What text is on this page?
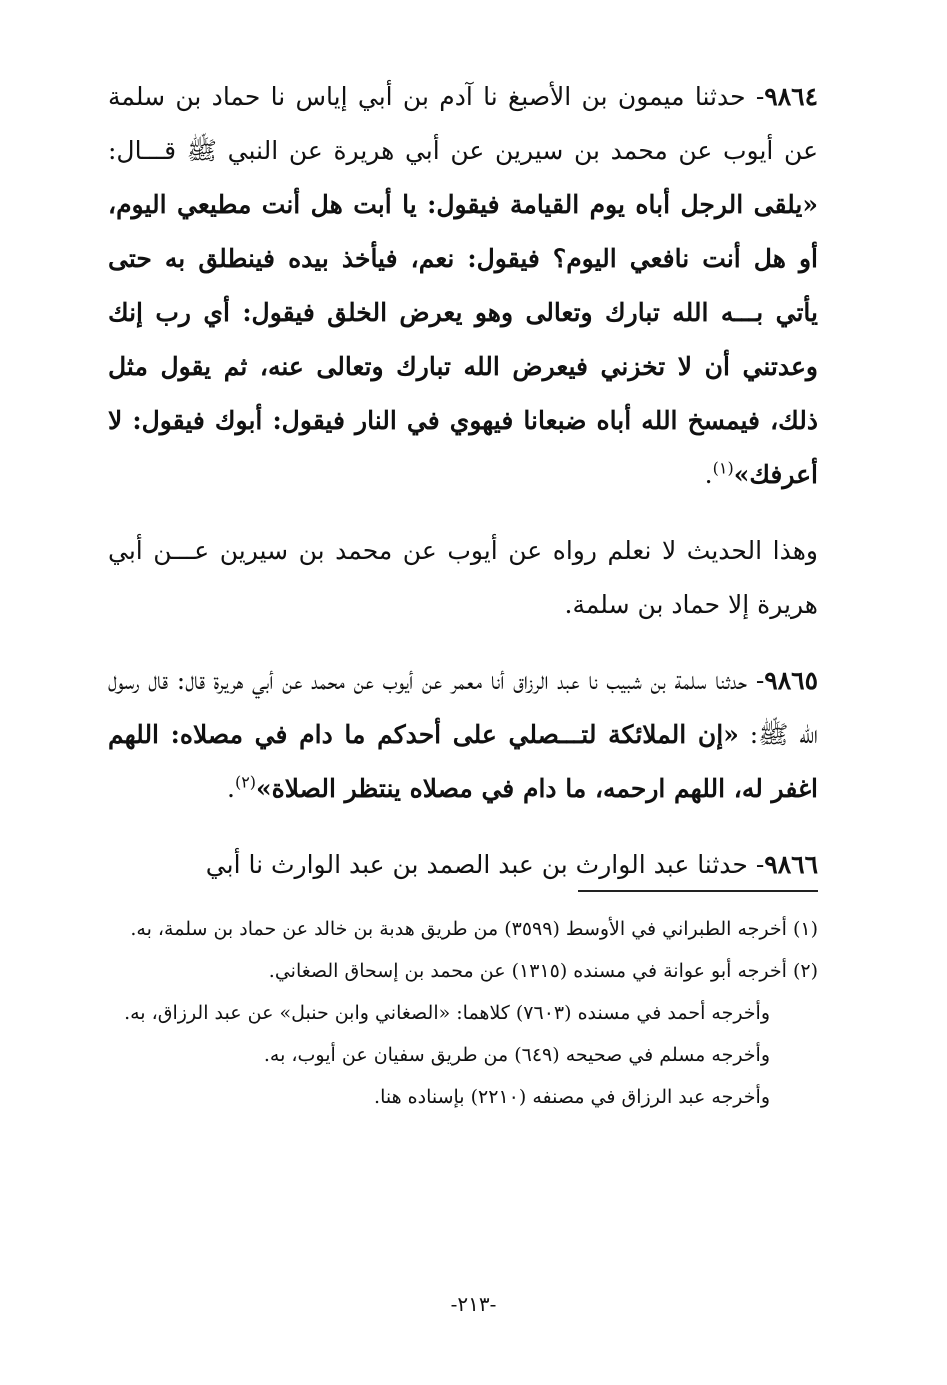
٩٨٦٤- حدثنا ميمون بن الأصبغ نا آدم بن أبي إياس نا حماد بن سلمة عن أيوب عن محمد بن سيرين عن أبي هريرة عن النبي ﷺ قـــال: «يلقى الرجل أباه يوم القيامة فيقول: يا أبت هل أنت مطيعي اليوم، أو هل أنت نافعي اليوم؟ فيقول: نعم، فيأخذ بيده فينطلق به حتى يأتي بـــه الله تبارك وتعالى وهو يعرض الخلق فيقول: أي رب إنك وعدتني أن لا تخزني فيعرض الله تبارك وتعالى عنه، ثم يقول مثل ذلك، فيمسخ الله أباه ضبعانا فيهوي في النار فيقول: أبوك فيقول: لا أعرفك»$^{(١)}$.

وهذا الحديث لا نعلم رواه عن أيوب عن محمد بن سيرين عـــن أبي هريرة إلا حماد بن سلمة.

٩٨٦٥- حدثنا سلمة بن شبيب نا عبد الرزاق أنا معمر عن أيوب عن محمد عن أبي هريرة قال: قال رسول الله ﷺ: «إن الملائكة لتـــصلي على أحدكم ما دام في مصلاه: اللهم اغفر له، اللهم ارحمه، ما دام في مصلاه ينتظر الصلاة»$^{(٢)}$.

٩٨٦٦- حدثنا عبد الوارث بن عبد الصمد بن عبد الوارث نا أبي

(١) أخرجه الطبراني في الأوسط (٣٥٩٩) من طريق هدبة بن خالد عن حماد بن سلمة، به.

(٢) أخرجه أبو عوانة في مسنده (١٣١٥) عن محمد بن إسحاق الصغاني.

وأخرجه أحمد في مسنده (٧٦٠٣) كلاهما: «الصغاني وابن حنبل» عن عبد الرزاق، به.

وأخرجه مسلم في صحيحه (٦٤٩) من طريق سفيان عن أيوب، به.

وأخرجه عبد الرزاق في مصنفه (٢٢١٠) بإسناده هنا.

-٢١٣-
